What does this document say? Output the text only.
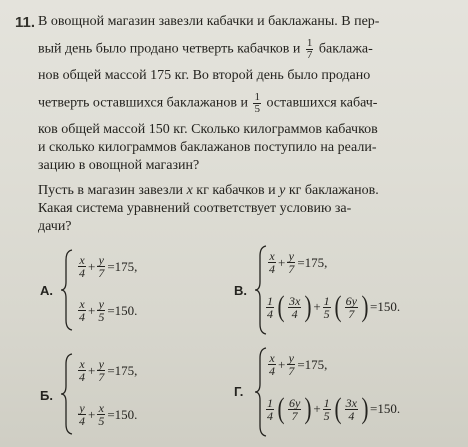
11. В овощной магазин завезли кабачки и баклажаны. В пер-
вый день было продано четверть кабачков и $\frac{1}{7}$ баклажа-
нов общей массой 175 кг. Во второй день было продано
четверть оставшихся баклажанов и $\frac{1}{5}$ оставшихся кабач-
ков общей массой 150 кг. Сколько килограммов кабачков
и сколько килограммов баклажанов поступило на реали-
зацию в овощной магазин?
Пусть в магазин завезли x кг кабачков и y кг баклажанов.
Какая система уравнений соответствует условию за-
дачи?
А.
$\frac{x}{4} + \frac{y}{7} =175$,
$\frac{x}{4} + \frac{y}{5} =150$.
В.
$\frac{x}{4} + \frac{y}{7} =175$,
$\frac{1}{4}$ ( $\frac{3x}{4}$ ) + $\frac{1}{5}$ ( $\frac{6y}{7}$ ) =150.
Б.
$\frac{x}{4} + \frac{y}{7} =175$,
$\frac{y}{4} + \frac{x}{5} =150$.
Г.
$\frac{x}{4} + \frac{y}{7} =175$,
$\frac{1}{4}$ ( $\frac{6y}{7}$ ) + $\frac{1}{5}$ ( $\frac{3x}{4}$ ) =150.
